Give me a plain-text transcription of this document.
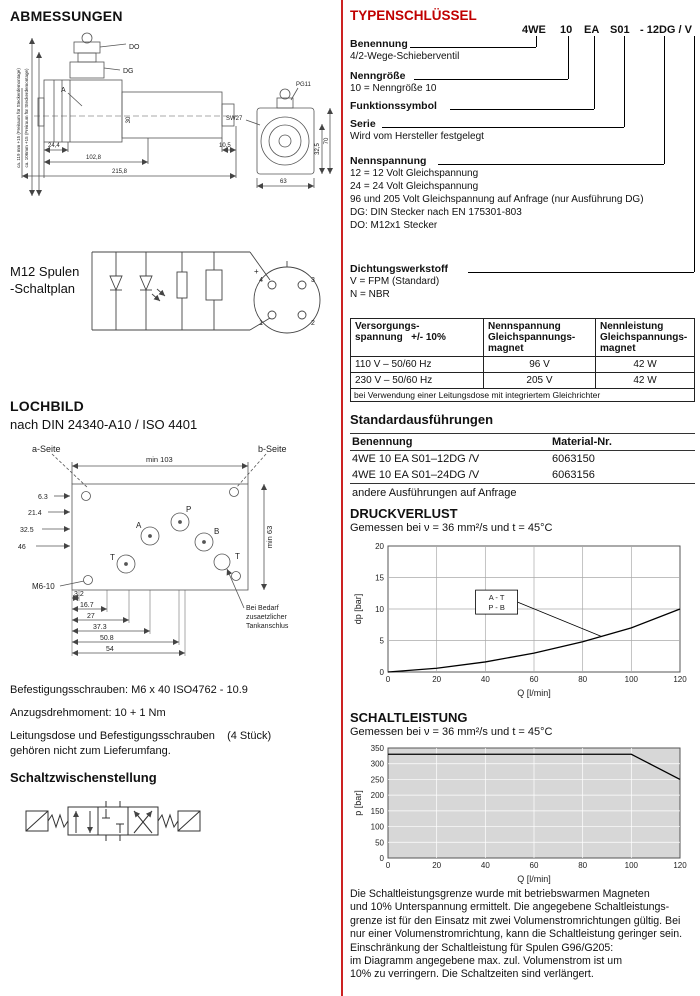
ABMESSUNGEN
DO
DG
A
PG11
SW27
24,4
102,8
215,8
10,5
63
32,5
70
30
ca. 119 mm +15 (Freiraum für Steckerdemontage) ca. 106mm +15 (Freiraum für Steckerdemontage)
M12 Spulen
-Schaltplan
+
4	3
1	2
LOCHBILD
nach DIN 24340-A10 / ISO 4401
a-Seite	b-Seite
min 103
min 63
6.3
21.4
32.5
46
P
A
B
T	T
M6-10
3.2
16.7
27
37.3
50.8
54
Bei Bedarf
zusaetzlicher
Tankanschlus
Befestigungsschrauben: M6 x 40 ISO4762 - 10.9
Anzugsdrehmoment: 10 + 1 Nm
Leitungsdose und Befestigungsschrauben    (4 Stück)
gehören nicht zum Lieferumfang.
Schaltzwischenstellung
TYPENSCHLÜSSEL
4WE 10 EA S01 - 12DG / V
Benennung
4/2-Wege-Schieberventil
Nenngröße
10 = Nenngröße 10
Funktionssymbol
Serie
Wird vom Hersteller festgelegt
Nennspannung
12 = 12 Volt Gleichspannung
24 = 24 Volt Gleichspannung
96 und 205 Volt Gleichspannung auf Anfrage (nur Ausführung DG)
DG: DIN Stecker nach EN 175301-803
DO: M12x1 Stecker
Dichtungswerkstoff
V = FPM (Standard)
N = NBR
Versorgungs-
spannung   +/- 10%
Nennspannung
Gleichspannungs-
magnet
Nennleistung
Gleichspannungs-
magnet
110 V – 50/60 Hz	96 V	42 W
230 V – 50/60 Hz	205 V	42 W
bei Verwendung einer Leitungsdose mit integriertem Gleichrichter
Standardausführungen
Benennung	Material-Nr.
4WE 10 EA S01–12DG /V	6063150
4WE 10 EA S01–24DG /V	6063156
andere Ausführungen auf Anfrage
DRUCKVERLUST
Gemessen bei ν = 36 mm²/s und t = 45°C
0
5
10
15
20
0	20	40	60	80	100	120
Q [l/min]
dp [bar]	A - T
P - B
SCHALTLEISTUNG
Gemessen bei ν = 36 mm²/s und t = 45°C
0
50
100
150
200
250
300
350
0	20	40	60	80	100	120
Q [l/min]
p [bar]
Die Schaltleistungsgrenze wurde mit betriebswarmen Magneten
und 10% Unterspannung ermittelt. Die angegebene Schaltleistungs-
grenze ist für den Einsatz mit zwei Volumenstromrichtungen gültig. Bei
nur einer Volumenstromrichtung, kann die Schaltleistung geringer sein.
Einschränkung der Schaltleistung für Spulen G96/G205:
im Diagramm angegebene max. zul. Volumenstrom ist um
10% zu verringern. Die Schaltzeiten sind verlängert.
